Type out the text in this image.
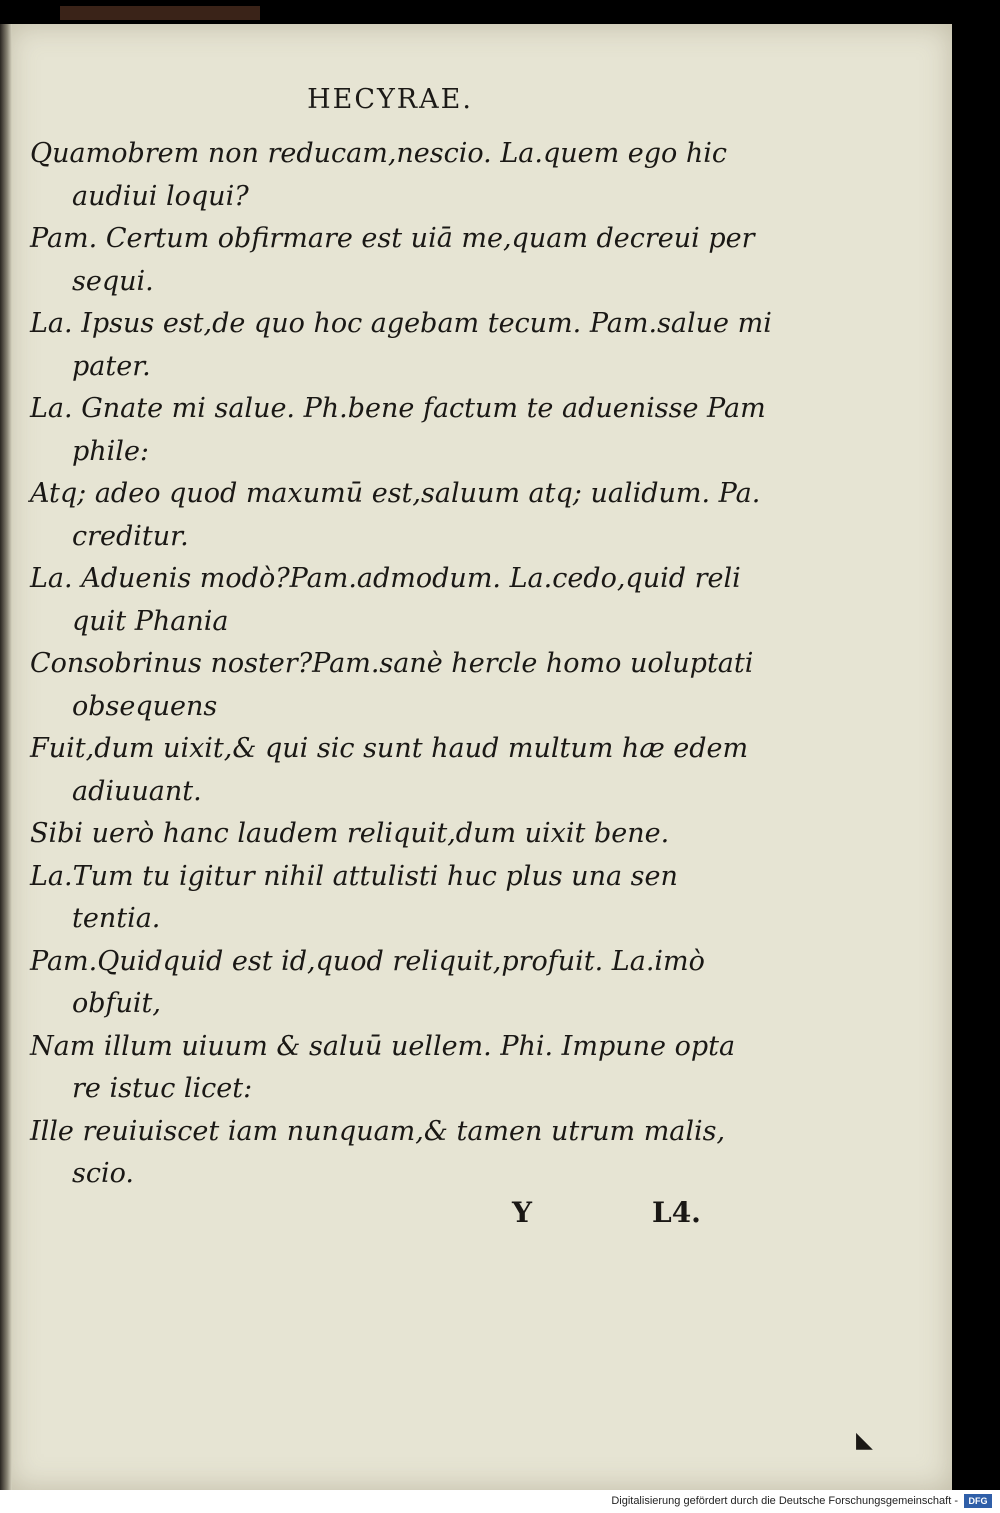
HECYRAE.
Quamobrem non reducam,nescio. La.quem ego hic
audiui loqui?
Pam. Certum obfirmare est uiā me,quam decreui per
sequi.
La. Ipsus est,de quo hoc agebam tecum. Pam.salue mi
pater.
La. Gnate mi salue. Ph.bene factum te aduenisse Pam
phile:
Atq; adeo quod maxumū est,saluum atq; ualidum. Pa.
creditur.
La. Aduenis modò?Pam.admodum. La.cedo,quid reli
quit Phania
Consobrinus noster?Pam.sanè hercle homo uoluptati
obsequens
Fuit,dum uixit,& qui sic sunt haud multum hæ edem
adiuuant.
Sibi uerò hanc laudem reliquit,dum uixit bene.
La.Tum tu igitur nihil attulisti huc plus una sen
tentia.
Pam.Quidquid est id,quod reliquit,profuit. La.imò
obfuit,
Nam illum uiuum & saluū uellem. Phi. Impune opta
re istuc licet:
Ille reuiuiscet iam nunquam,& tamen utrum malis,
scio.
Y	L4.
◣
Digitalisierung gefördert durch die Deutsche Forschungsgemeinschaft -	DFG
